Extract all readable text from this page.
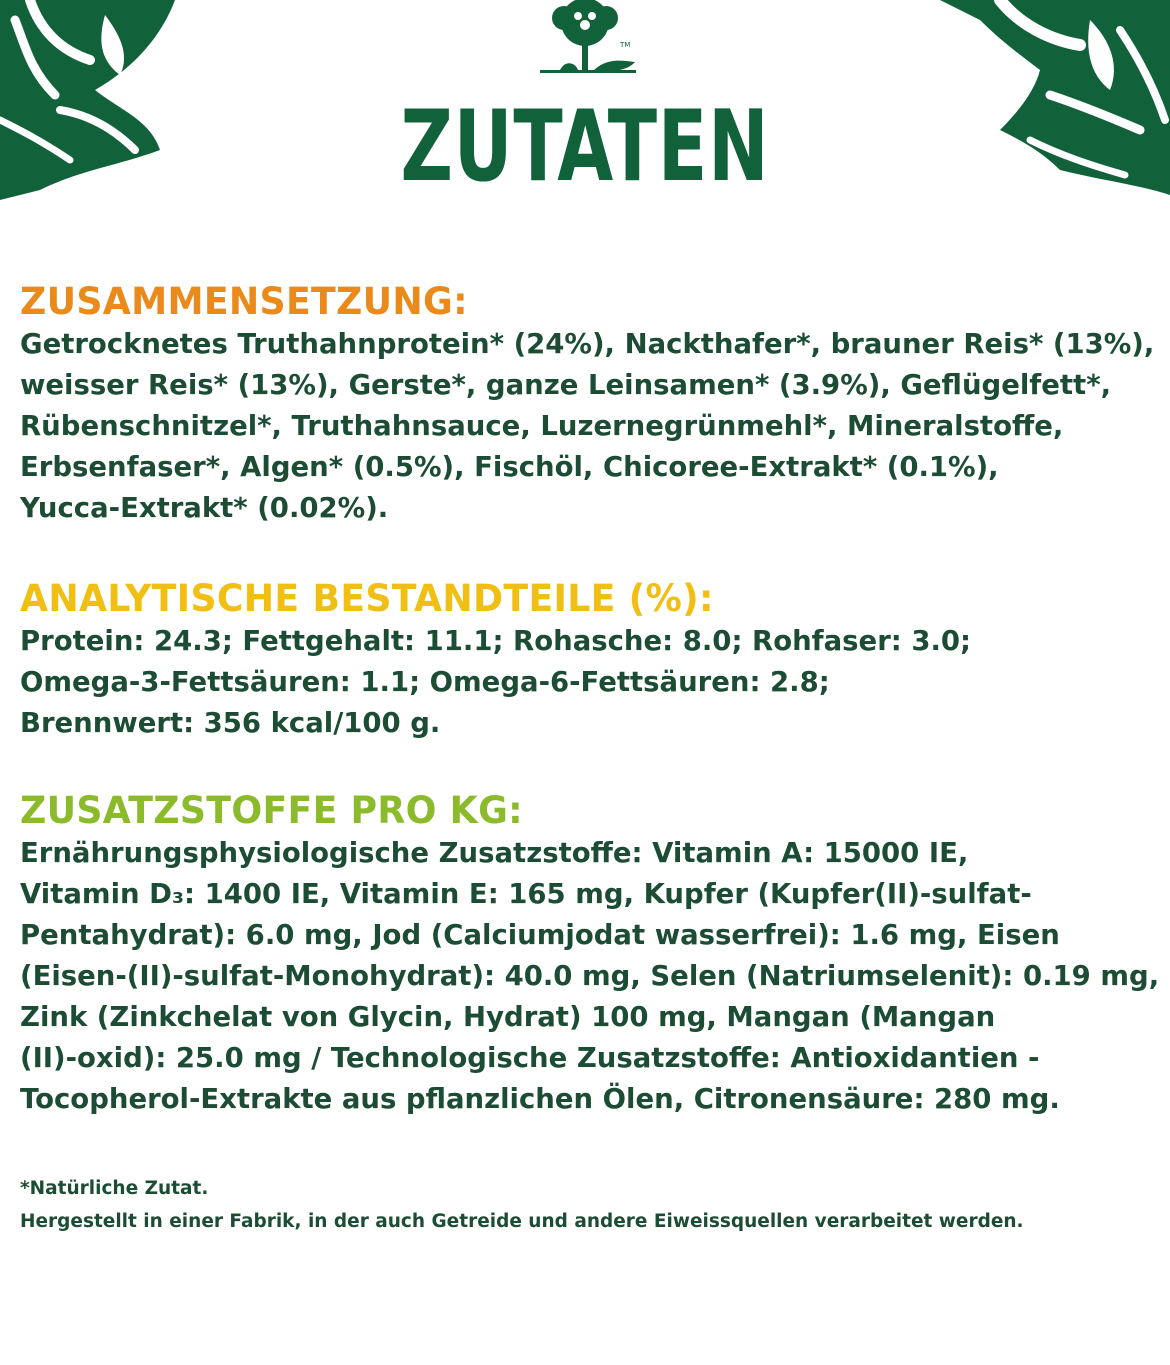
TM
ZUTATEN

ZUSAMMENSETZUNG:

Getrocknetes Truthahnprotein* (24%), Nackthafer*, brauner Reis* (13%),

weisser Reis* (13%), Gerste*, ganze Leinsamen* (3.9%), Geflügelfett*,

Rübenschnitzel*, Truthahnsauce, Luzernegrünmehl*, Mineralstoffe,

Erbsenfaser*, Algen* (0.5%), Fischöl, Chicoree-Extrakt* (0.1%),

Yucca-Extrakt* (0.02%).

ANALYTISCHE BESTANDTEILE (%):

Protein: 24.3; Fettgehalt: 11.1; Rohasche: 8.0; Rohfaser: 3.0;

Omega-3-Fettsäuren: 1.1; Omega-6-Fettsäuren: 2.8;

Brennwert: 356 kcal/100 g.

ZUSATZSTOFFE PRO KG:

Ernährungsphysiologische Zusatzstoffe: Vitamin A: 15000 IE,

Vitamin D₃: 1400 IE, Vitamin E: 165 mg, Kupfer (Kupfer(II)-sulfat-

Pentahydrat): 6.0 mg, Jod (Calciumjodat wasserfrei): 1.6 mg, Eisen

(Eisen-(II)-sulfat-Monohydrat): 40.0 mg, Selen (Natriumselenit): 0.19 mg,

Zink (Zinkchelat von Glycin, Hydrat) 100 mg, Mangan (Mangan

(II)-oxid): 25.0 mg / Technologische Zusatzstoffe: Antioxidantien -

Tocopherol-Extrakte aus pflanzlichen Ölen, Citronensäure: 280 mg.

*Natürliche Zutat.

Hergestellt in einer Fabrik, in der auch Getreide und andere Eiweissquellen verarbeitet werden.
